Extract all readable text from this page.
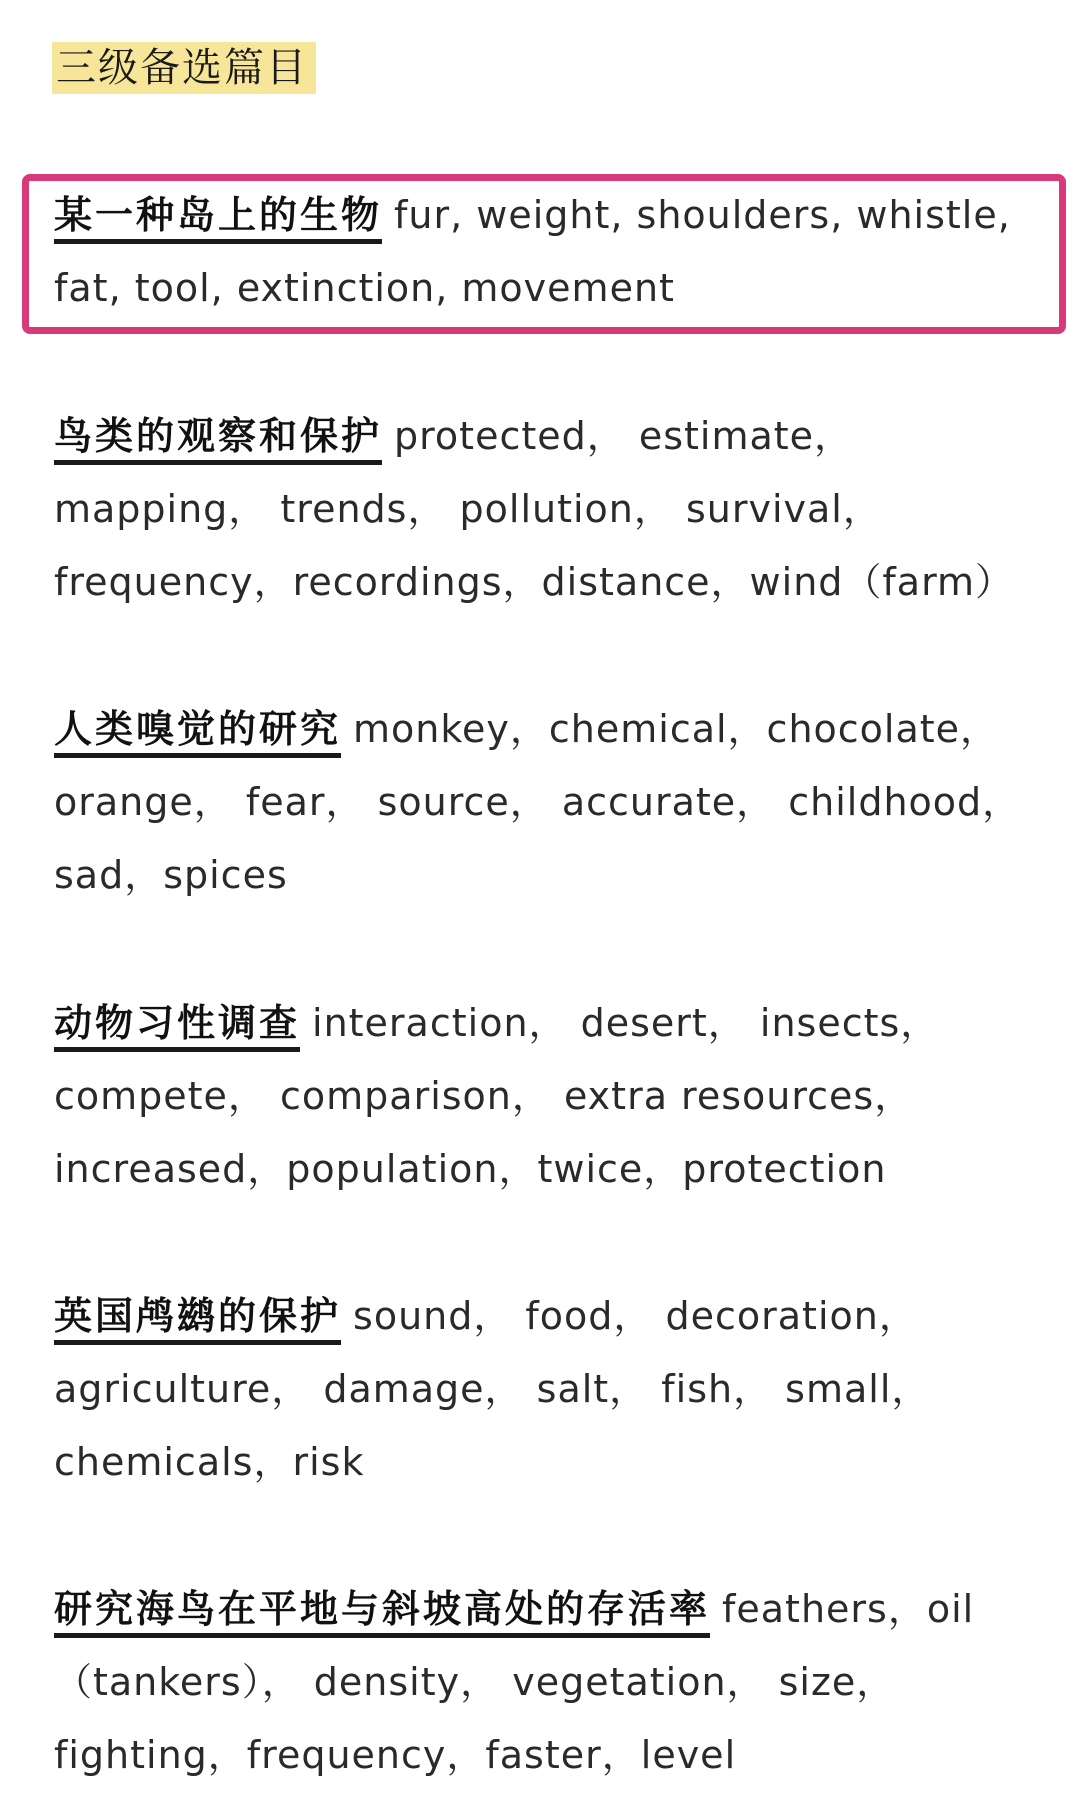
三级备选篇目
某一种岛上的生物 fur, weight, shoulders, whistle, fat, tool, extinction, movement
鸟类的观察和保护 protected， estimate， mapping， trends， pollution， survival， frequency，recordings，distance，wind（farm）
人类嗅觉的研究 monkey，chemical，chocolate，orange， fear， source， accurate， childhood， sad，spices
动物习性调查 interaction， desert， insects， compete， comparison， extra resources， increased，population，twice，protection
英国鸬鹚的保护 sound， food， decoration， agriculture， damage， salt， fish， small， chemicals，risk
研究海鸟在平地与斜坡高处的存活率 feathers，oil（tankers）， density， vegetation， size， fighting，frequency，faster，level
